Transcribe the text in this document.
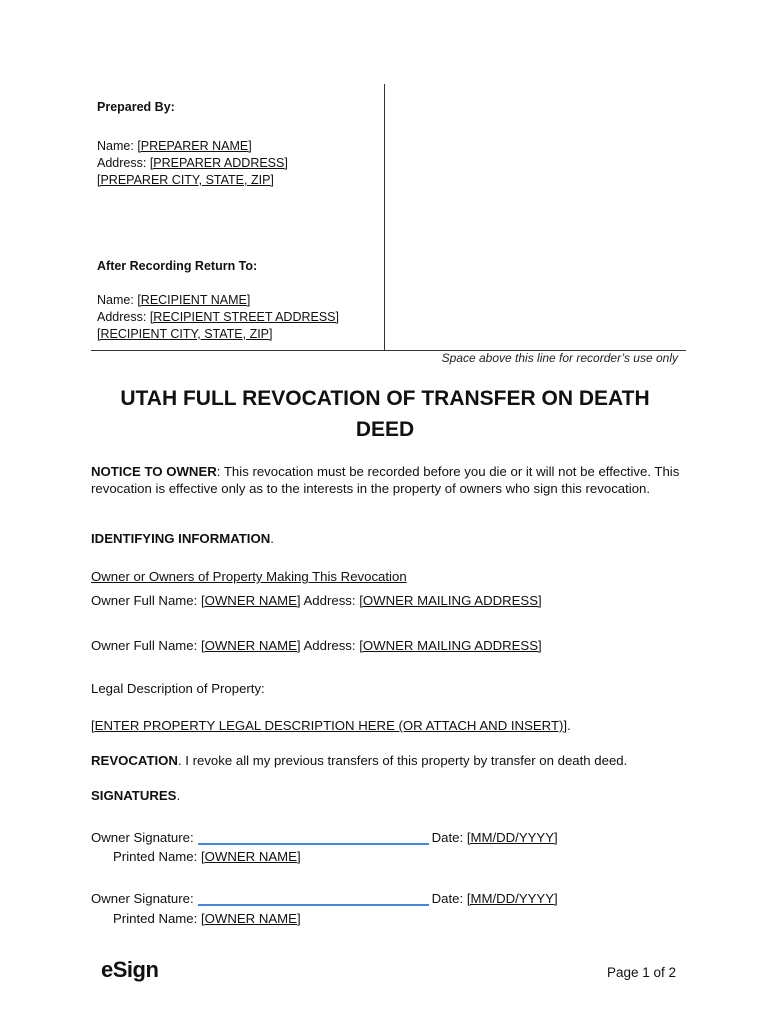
Prepared By:
Name: [PREPARER NAME]
Address: [PREPARER ADDRESS]
[PREPARER CITY, STATE, ZIP]
After Recording Return To:
Name: [RECIPIENT NAME]
Address: [RECIPIENT STREET ADDRESS]
[RECIPIENT CITY, STATE, ZIP]
Space above this line for recorder’s use only
UTAH FULL REVOCATION OF TRANSFER ON DEATH
DEED
NOTICE TO OWNER: This revocation must be recorded before you die or it will not be effective. This revocation is effective only as to the interests in the property of owners who sign this revocation.
IDENTIFYING INFORMATION.
Owner or Owners of Property Making This Revocation
Owner Full Name: [OWNER NAME] Address: [OWNER MAILING ADDRESS]
Owner Full Name: [OWNER NAME] Address: [OWNER MAILING ADDRESS]
Legal Description of Property:
[ENTER PROPERTY LEGAL DESCRIPTION HERE (OR ATTACH AND INSERT)].
REVOCATION. I revoke all my previous transfers of this property by transfer on death deed.
SIGNATURES.
Owner Signature:	Date: [MM/DD/YYYY]
Printed Name: [OWNER NAME]
Owner Signature:	Date: [MM/DD/YYYY]
Printed Name: [OWNER NAME]
eSign	Page 1 of 2
